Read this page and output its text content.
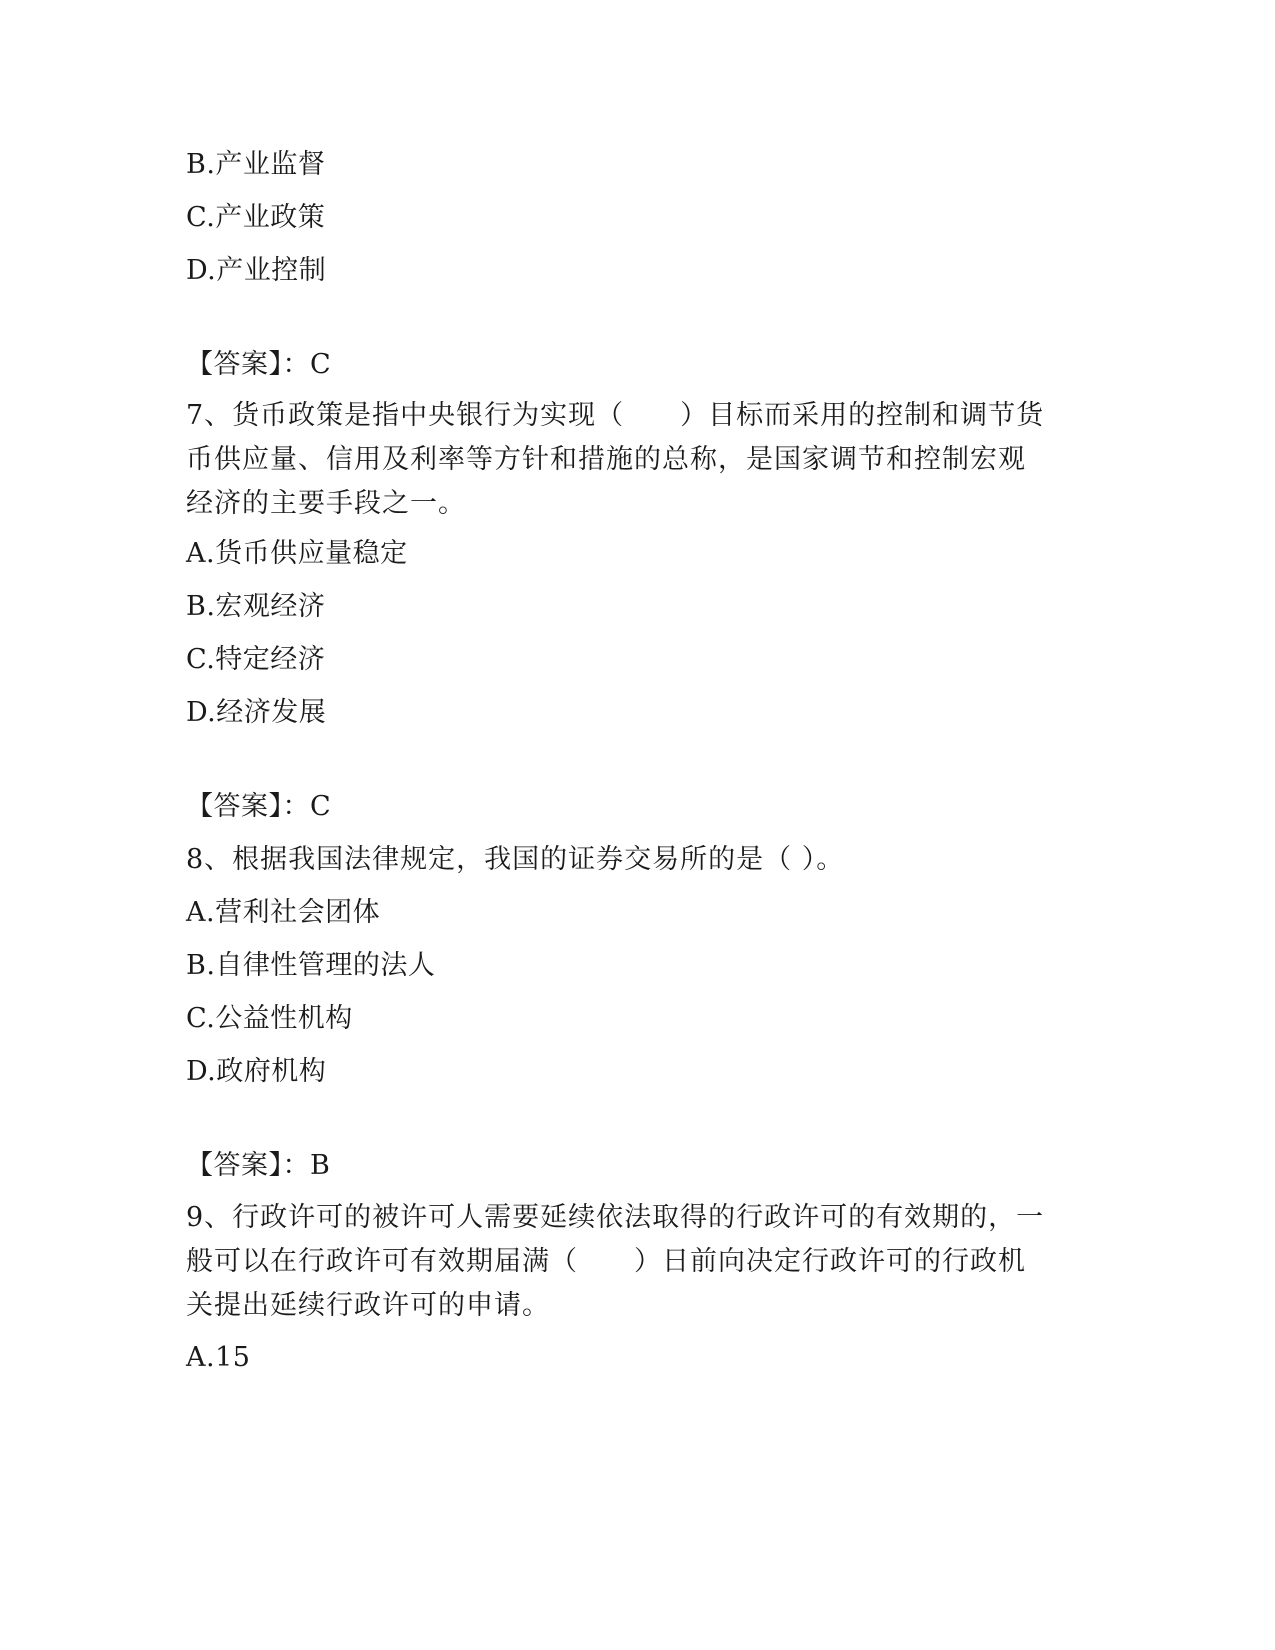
B.产业监督
C.产业政策
D.产业控制
【答案】：C
7、货币政策是指中央银行为实现（　　）目标而采用的控制和调节货
币供应量、信用及利率等方针和措施的总称，是国家调节和控制宏观
经济的主要手段之一。
A.货币供应量稳定
B.宏观经济
C.特定经济
D.经济发展
【答案】：C
8、根据我国法律规定，我国的证券交易所的是（ ）。
A.营利社会团体
B.自律性管理的法人
C.公益性机构
D.政府机构
【答案】：B
9、行政许可的被许可人需要延续依法取得的行政许可的有效期的，一
般可以在行政许可有效期届满（　　）日前向决定行政许可的行政机
关提出延续行政许可的申请。
A.15
